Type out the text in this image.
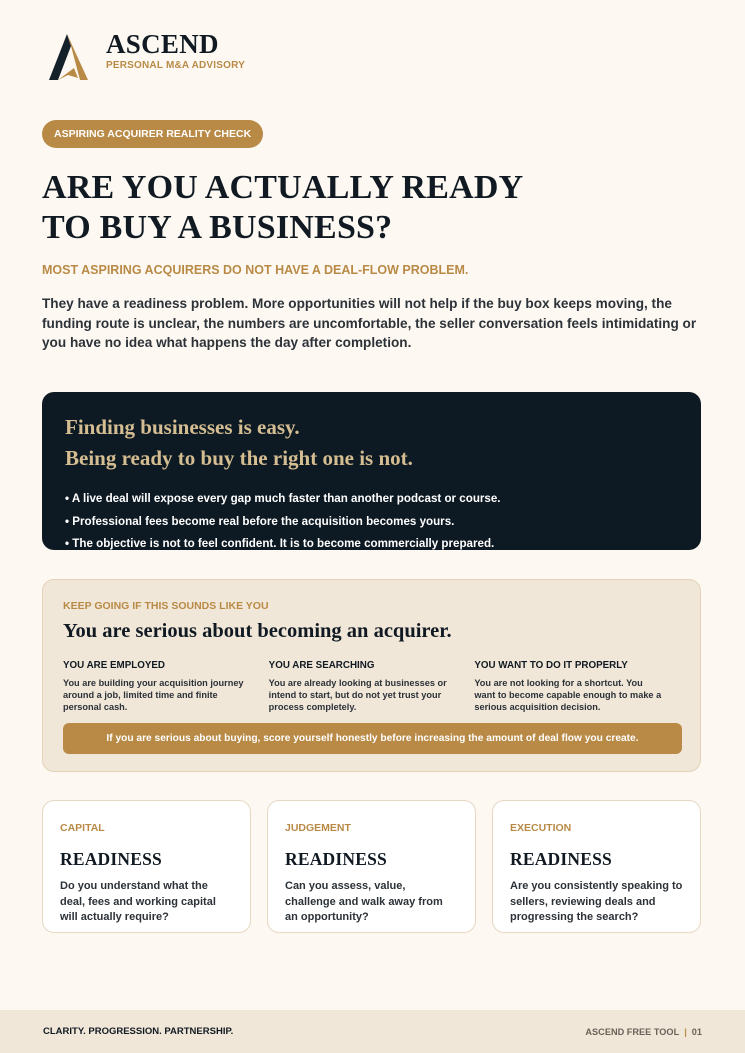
ASCEND
PERSONAL M&A ADVISORY
ASPIRING ACQUIRER REALITY CHECK
ARE YOU ACTUALLY READY
TO BUY A BUSINESS?
MOST ASPIRING ACQUIRERS DO NOT HAVE A DEAL-FLOW PROBLEM.
They have a readiness problem. More opportunities will not help if the buy box keeps moving, the funding route is unclear, the numbers are uncomfortable, the seller conversation feels intimidating or you have no idea what happens the day after completion.
Finding businesses is easy.
Being ready to buy the right one is not.
• A live deal will expose every gap much faster than another podcast or course.
• Professional fees become real before the acquisition becomes yours.
• The objective is not to feel confident. It is to become commercially prepared.
KEEP GOING IF THIS SOUNDS LIKE YOU
You are serious about becoming an acquirer.
YOU ARE EMPLOYED
You are building your acquisition journey around a job, limited time and finite personal cash.
YOU ARE SEARCHING
You are already looking at businesses or intend to start, but do not yet trust your process completely.
YOU WANT TO DO IT PROPERLY
You are not looking for a shortcut. You want to become capable enough to make a serious acquisition decision.
If you are serious about buying, score yourself honestly before increasing the amount of deal flow you create.
CAPITAL
READINESS
Do you understand what the deal, fees and working capital will actually require?
JUDGEMENT
READINESS
Can you assess, value, challenge and walk away from an opportunity?
EXECUTION
READINESS
Are you consistently speaking to sellers, reviewing deals and progressing the search?
CLARITY. PROGRESSION. PARTNERSHIP.	ASCEND FREE TOOL | 01
